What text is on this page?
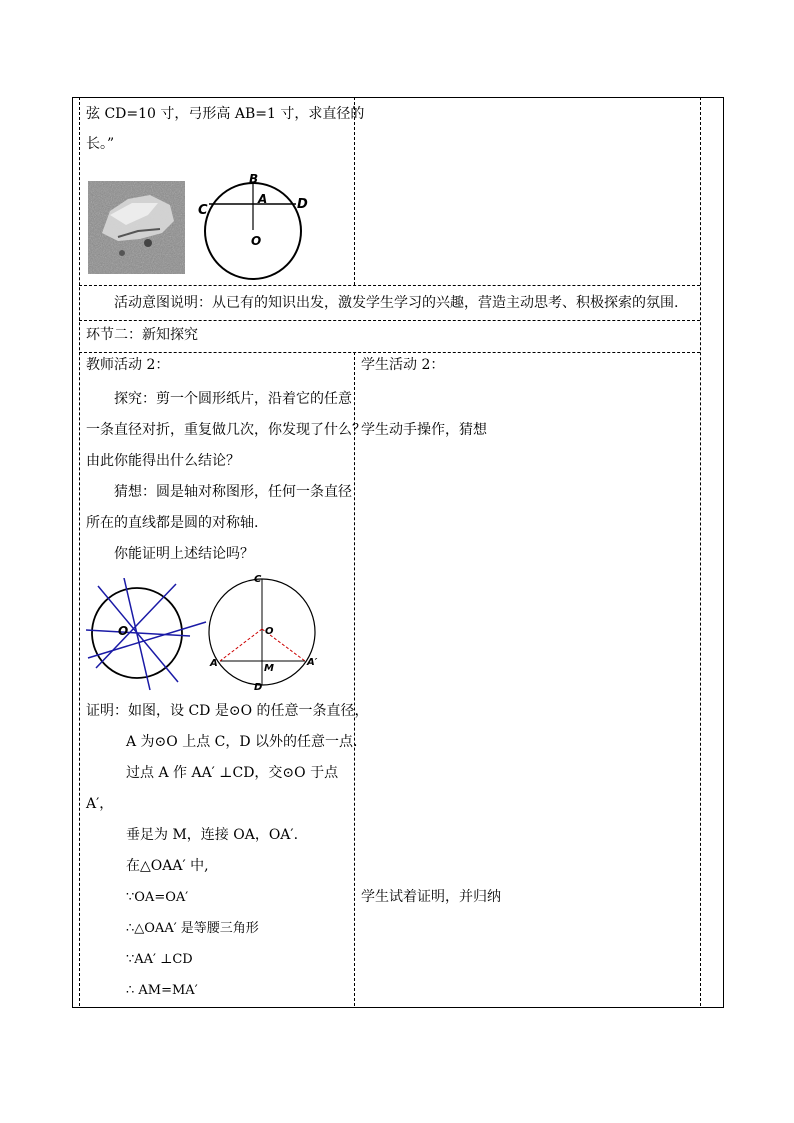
弦 CD=10 寸，弓形高 AB=1 寸，求直径的
长。”
B
A
C	D
O
活动意图说明：从已有的知识出发，激发学生学习的兴趣，营造主动思考、积极探索的氛围.
环节二：新知探究
教师活动 2：
探究：剪一个圆形纸片，沿着它的任意
一条直径对折，重复做几次，你发现了什么？
由此你能得出什么结论？
猜想：圆是轴对称图形，任何一条直径
所在的直线都是圆的对称轴.
你能证明上述结论吗？
O
C
O
A	M
A′
D
证明：如图，设 CD 是⊙O 的任意一条直径，
A 为⊙O 上点 C，D 以外的任意一点.
过点 A 作 AA′ ⊥CD，交⊙O 于点
A′，
垂足为 M，连接 OA，OA′.
在△OAA′ 中,
∵OA=OA′
∴△OAA′ 是等腰三角形
∵AA′ ⊥CD
∴ AM=MA′
学生活动 2：
学生动手操作，猜想
学生试着证明，并归纳
